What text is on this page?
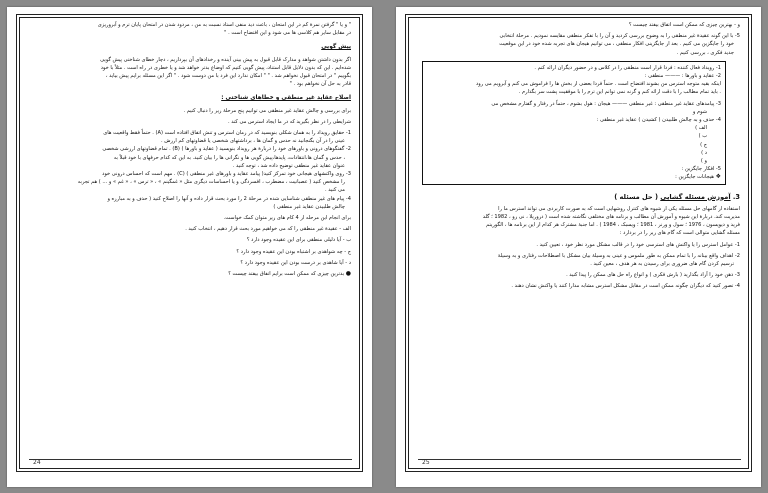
" و یا " گرفتن نمرۀ کم در این امتحان ، باعث دید منفی استاد نسبت به من ، مردود شدن در امتحان پایان ترم و آبروریزی

در مقابل سایر هم کلاسی ها می شود و این افتضاح است . "

پیش گویی

اگر بدون داشتن شواهد و مدارک قابل قبول به پیش بینی آینده و رخدادهای آن بپردازیم ، دچار خطای شناختی پیش گویی

شده‌ایم . این که بدون دلایل قابل استناد، پیش گویی کنیم که اوضاع بدتر خواهد شد و یا خطری در راه است . مثلاً با خود

بگوییم " در امتحان قبول نخواهم شد . " " امکان ندارد این فرد با من دوست شود . " اگر این مسئله برایم پیش بیاید ،

قادر به حل آن نخواهم بود . "

اصلاح عقاید غیر منطقی و خطاهای شناختی :

برای بررسی و چالش عقاید غیر منطقی می توانیم پنج مرحلۀ زیر را دنبال کنیم .

شرایطی را در نظر بگیرید که در ما ایجاد استرس می کند .

1- حقایق رویداد را به همان شکلی بنویسید که در زمان استرس و تنش اتفاق افتاده است (A) . حتماً فقط واقعیت های

عینی را در آن بگنجانید نه حدس و گمان ها ، برداشتهای شخصی یا قضاوتهای کم ارزش .

2- گفتگوهای درونی و باورهای خود را دربارۀ هر رویداد بنویسید ( عقاید و باورها ) (B) . تمام قضاوتهای ارزشی شخصی

، حدس و گمان ها،انتقادات، پایدها،پیش گویی ها و نگرانی ها را بیان کنید. به این که کدام حرفهای با خود قبلاً به

عنوان عقاید غیر منطقی توضیح داده شد ، توجه کنید .

3- روی واکنشهای هیجانی خود تمرکز کنید( پیامد عقاید و باورهای غیر منطقی ) (C) . مهم است که احساس درونی خود

را مشخص کنید ( عصبانیت ، مضطرب ، افسردگی و یا احساسات دیگری مثل « غمگینم » ، « ترس » ، « غم » و ... ) هم تجربه

می کنید .

4- پیام های غیر منطقی شناسایی شده در مرحلۀ 2 را مورد بحث قرار داده و آنها را اصلاح کنید ( حذف و به مبارزه و

چالش طلبیدن عقاید غیر منطقی )

برای انجام این مرحله از 4 کام های زیر متوان کمک خواست.

الف - عقیدۀ غیر منطقی را که می خواهیم مورد بحث قرار دهیم ، انتخاب کنید .

ب - آیا دلیلی منطقی برای این عقیده وجود دارد ؟

ج - چه شواهدی بر اشتباه بودن این عقیده وجود دارد ؟

د - آیا شاهدی بر درست بودن این عقیده وجود دارد ؟

● بدترین چیزی که ممکن است برایم اتفاق بیفتد چیست ؟

24

و - بهترین چیزی که ممکن است اتفاق بیفتد چیست ؟

5- با این گونه عقیدۀ غیر منطقی را به وضوح بررسی کردید و آن را با تفکر منطقی مقایسه نمودیم . مرحلۀ انتخابی

خود را جایگزین می کنیم . بعد از جایگزینی افکار منطقی ، می توانیم هیجان های تجربه شده خود در این موقعیت

جدید فکری ، بررسی کنیم .

1- رویداد فعال کننده : فردا قرار است منطقی را در کلاس و در حضور دیگران ارائه کنم .

2- عقاید و باورها : ——— منطقی :

اینکه بقیه متوجه استرس من بشوند افتضاح است . حتماً فردا بعضی از بخش ها را فراموش می کنم و آبرویم می رود

. باید تمام مطالب را با دقت ارائه کنم و گرنه نمی توانم این ترم را با موفقیت پشت سر بگذارم .

3- پیامدهای عقاید غیر منطقی : غیر منطقی ——— هیجان : هول بشوم ، حتماً در رفتار و گفتارم مشخص می

شوم و

4- حذف و به چالش طلبیدن ( کشیدن ) عقاید غیر منطقی :

الف )

ب )

ج )

د )

و )

5- افکار جایگزین :

❖ هیجانات جایگزین :

3. آموزش مسئله گشایی ( حل مسئله )

استفاده از گامهای حل مسئله یکی از شیوه های کنترل روشهایی است که به صورت کاربردی می تواند استرس ما را

مدیریت کند. دربارۀ این شیوه و آموزش آن مطالب و برنامه های مختلفی نگاشته شده است ( دزوریلا ، نی زو ، 1982 ؛ گلد

فرید و دیویسون ، 1976 ؛ سول و ورنر ، 1981 ؛ ویسبک ، 1984 ) . اما جنبۀ مشترک هر کدام از این برنامه ها ، الگوریتم

مسئله گشایی متوالی است که گام های زیر را در بردارد :

1- عوامل استرس زا یا واکنش های استرسی خود را در قالب مشکل مورد نظر خود ، تعیین کنید .

2- اهداف واقع بینانه را با تمام ممکن به طور ملموس و عینی به وسیلۀ بیان مشکل با اصطلاحات رفتاری و به وسیلۀ

ترسیم کردن گام های ضروری برای رسیدن به هر هدف ، معین کنید .

3- ذهن خود را آزاد بگذارید ( بارش فکری ) و انواع راه حل های ممکن را پیدا کنید .

4- تصور کنید که دیگران چگونه ممکن است در مقابل مشکل استرس مشابه مدارا کنند یا واکنش نشان دهند .

25
